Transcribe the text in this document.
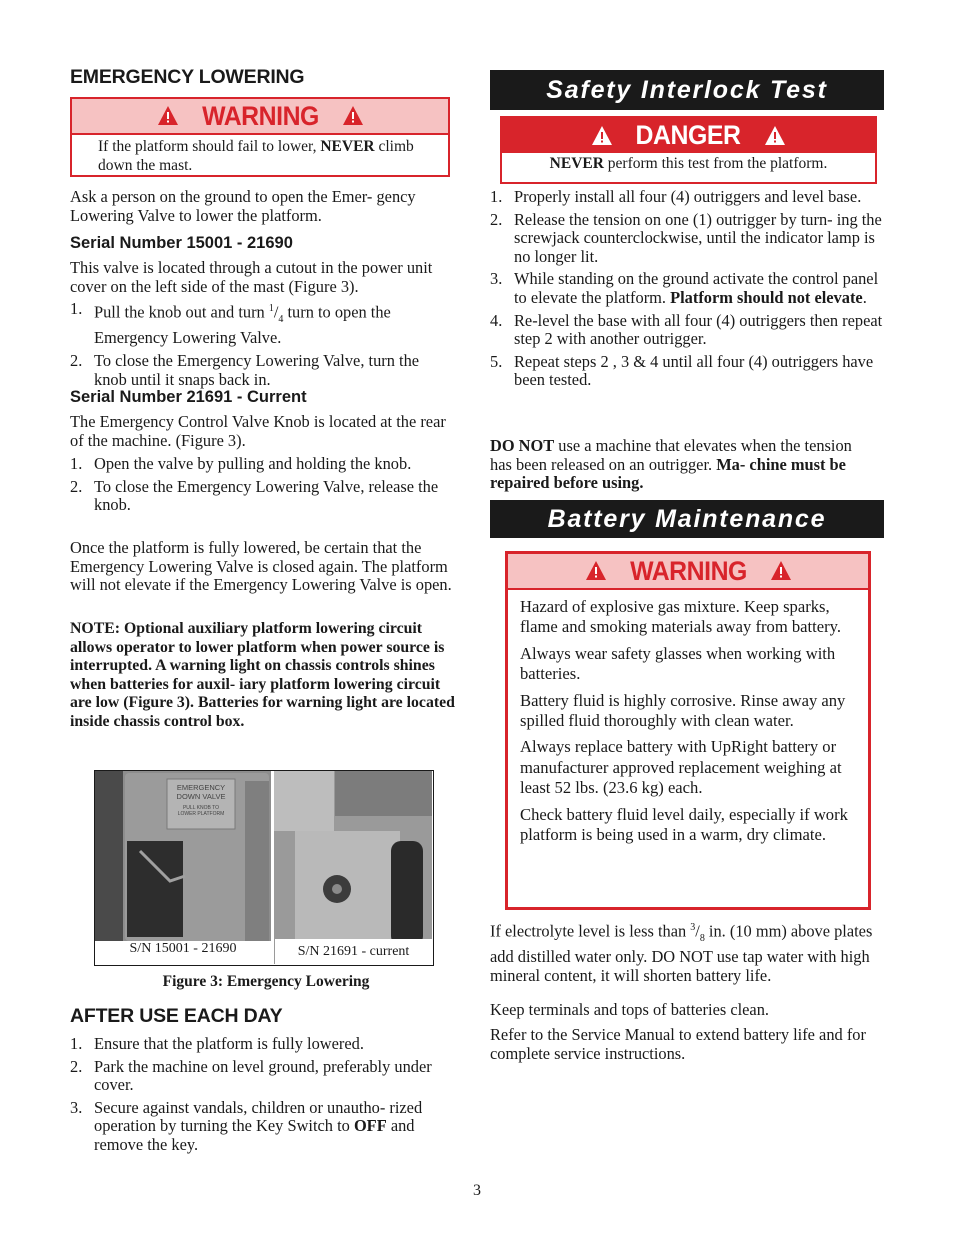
EMERGENCY LOWERING
WARNING
If the platform should fail to lower, NEVER climb down the mast.

Ask a person on the ground to open the Emer- gency Lowering Valve to lower the platform.

Serial Number 15001 - 21690

This valve is located through a cutout in the power unit cover on the left side of the mast (Figure 3).

1. Pull the knob out and turn $^1/_4$ turn to open the Emergency Lowering Valve.
2. To close the Emergency Lowering Valve, turn the knob until it snaps back in.
Serial Number 21691 - Current

The Emergency Control Valve Knob is located at the rear of the machine. (Figure 3).

1. Open the valve by pulling and holding the knob.
2. To close the Emergency Lowering Valve, release the knob.

Once the platform is fully lowered, be certain that the Emergency Lowering Valve is closed again. The platform will not elevate if the Emergency Lowering Valve is open.

NOTE: Optional auxiliary platform lowering circuit allows operator to lower platform when power source is interrupted. A warning light on chassis controls shines when batteries for auxil- iary platform lowering circuit are low (Figure 3). Batteries for warning light are located inside chassis control box.

EMERGENCY
DOWN VALVE
PULL KNOB TO
LOWER PLATFORM
S/N 15001 - 21690	S/N 21691 - current

Figure 3: Emergency Lowering

AFTER USE EACH DAY
1. Ensure that the platform is fully lowered.
2. Park the machine on level ground, preferably under cover.
3. Secure against vandals, children or unautho- rized operation by turning the Key Switch to OFF and remove the key.
Safety Interlock Test
DANGER
NEVER perform this test from the platform.
1. Properly install all four (4) outriggers and level base.
2. Release the tension on one (1) outrigger by turn- ing the screwjack counterclockwise, until the indicator lamp is no longer lit.
3. While standing on the ground activate the control panel to elevate the platform. Platform should not elevate.
4. Re-level the base with all four (4) outriggers then repeat step 2 with another outrigger.
5. Repeat steps 2 , 3 & 4 until all four (4) outriggers have been tested.

DO NOT use a machine that elevates when the tension has been released on an outrigger. Ma- chine must be repaired before using.

Battery Maintenance
WARNING

Hazard of explosive gas mixture. Keep sparks, flame and smoking materials away from battery.

Always wear safety glasses when working with batteries.

Battery fluid is highly corrosive. Rinse away any spilled fluid thoroughly with clean water.

Always replace battery with UpRight battery or manufacturer approved replacement weighing at least 52 lbs. (23.6 kg) each.

Check battery fluid level daily, especially if work platform is being used in a warm, dry climate.

If electrolyte level is less than $^3/_8$ in. (10 mm) above plates add distilled water only. DO NOT use tap water with high mineral content, it will shorten battery life.

Keep terminals and tops of batteries clean.

Refer to the Service Manual to extend battery life and for complete service instructions.

3
